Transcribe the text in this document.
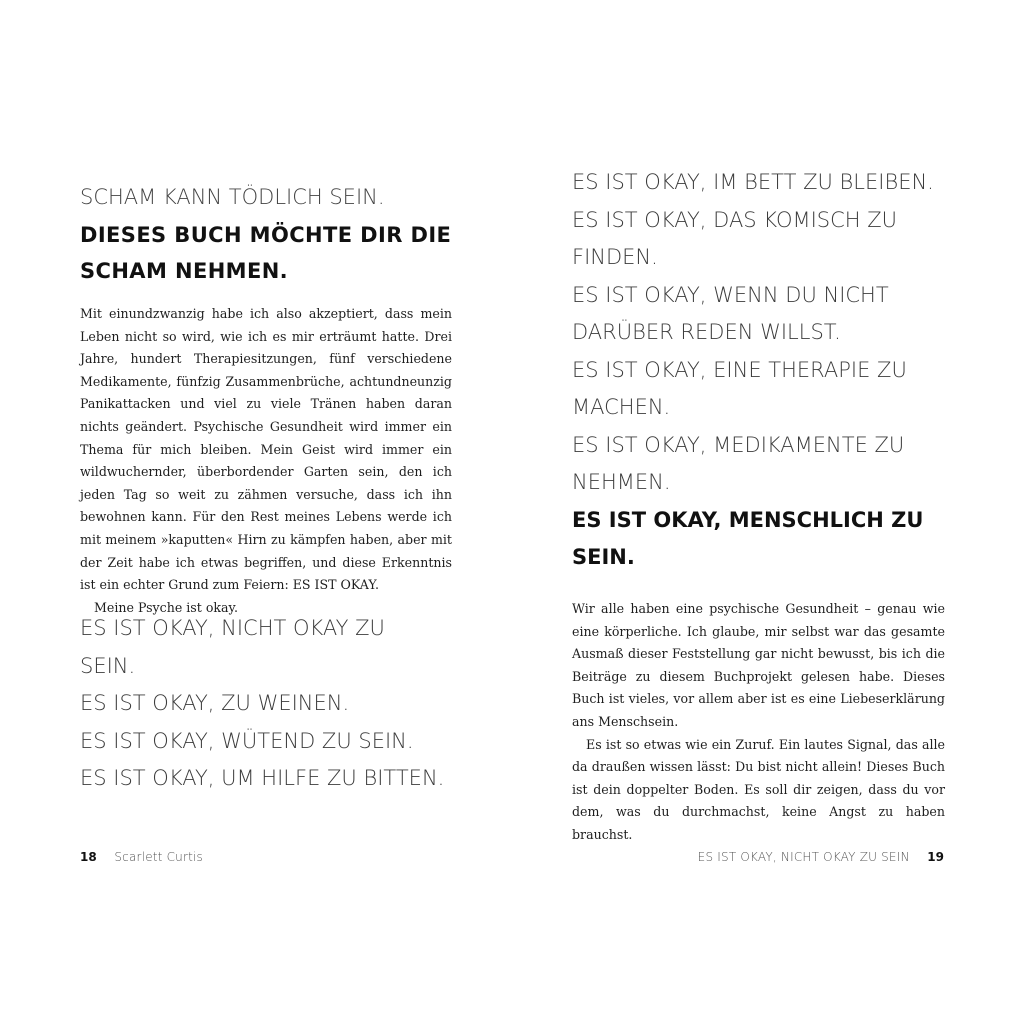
SCHAM KANN TÖDLICH SEIN.

DIESES BUCH MÖCHTE DIR DIE
SCHAM NEHMEN.

Mit einundzwanzig habe ich also akzeptiert, dass mein Leben nicht so wird, wie ich es mir erträumt hatte. Drei Jahre, hundert Therapiesitzungen, fünf verschiedene Medikamente, fünfzig Zusammenbrüche, achtundneunzig Panikattacken und viel zu viele Tränen haben daran nichts geändert. Psychische Gesundheit wird immer ein Thema für mich bleiben. Mein Geist wird immer ein wildwuchernder, überbordender Garten sein, den ich jeden Tag so weit zu zähmen versuche, dass ich ihn bewohnen kann. Für den Rest meines Lebens werde ich mit meinem »kaputten« Hirn zu kämpfen haben, aber mit der Zeit habe ich etwas begriffen, und diese Erkenntnis ist ein echter Grund zum Feiern: ES IST OKAY.

Meine Psyche ist okay.

ES IST OKAY, NICHT OKAY ZU

SEIN.

ES IST OKAY, ZU WEINEN.

ES IST OKAY, WÜTEND ZU SEIN.

ES IST OKAY, UM HILFE ZU BITTEN.

18 Scarlett Curtis

ES IST OKAY, IM BETT ZU BLEIBEN.

ES IST OKAY, DAS KOMISCH ZU

FINDEN.

ES IST OKAY, WENN DU NICHT

DARÜBER REDEN WILLST.

ES IST OKAY, EINE THERAPIE ZU

MACHEN.

ES IST OKAY, MEDIKAMENTE ZU

NEHMEN.

ES IST OKAY, MENSCHLICH ZU

SEIN.

Wir alle haben eine psychische Gesundheit – genau wie eine körperliche. Ich glaube, mir selbst war das gesamte Ausmaß dieser Feststellung gar nicht bewusst, bis ich die Beiträge zu diesem Buchprojekt gelesen habe. Dieses Buch ist vieles, vor allem aber ist es eine Liebeserklärung ans Menschsein.

Es ist so etwas wie ein Zuruf. Ein lautes Signal, das alle da draußen wissen lässt: Du bist nicht allein! Dieses Buch ist dein doppelter Boden. Es soll dir zeigen, dass du vor dem, was du durchmachst, keine Angst zu haben brauchst.

ES IST OKAY, NICHT OKAY ZU SEIN 19
